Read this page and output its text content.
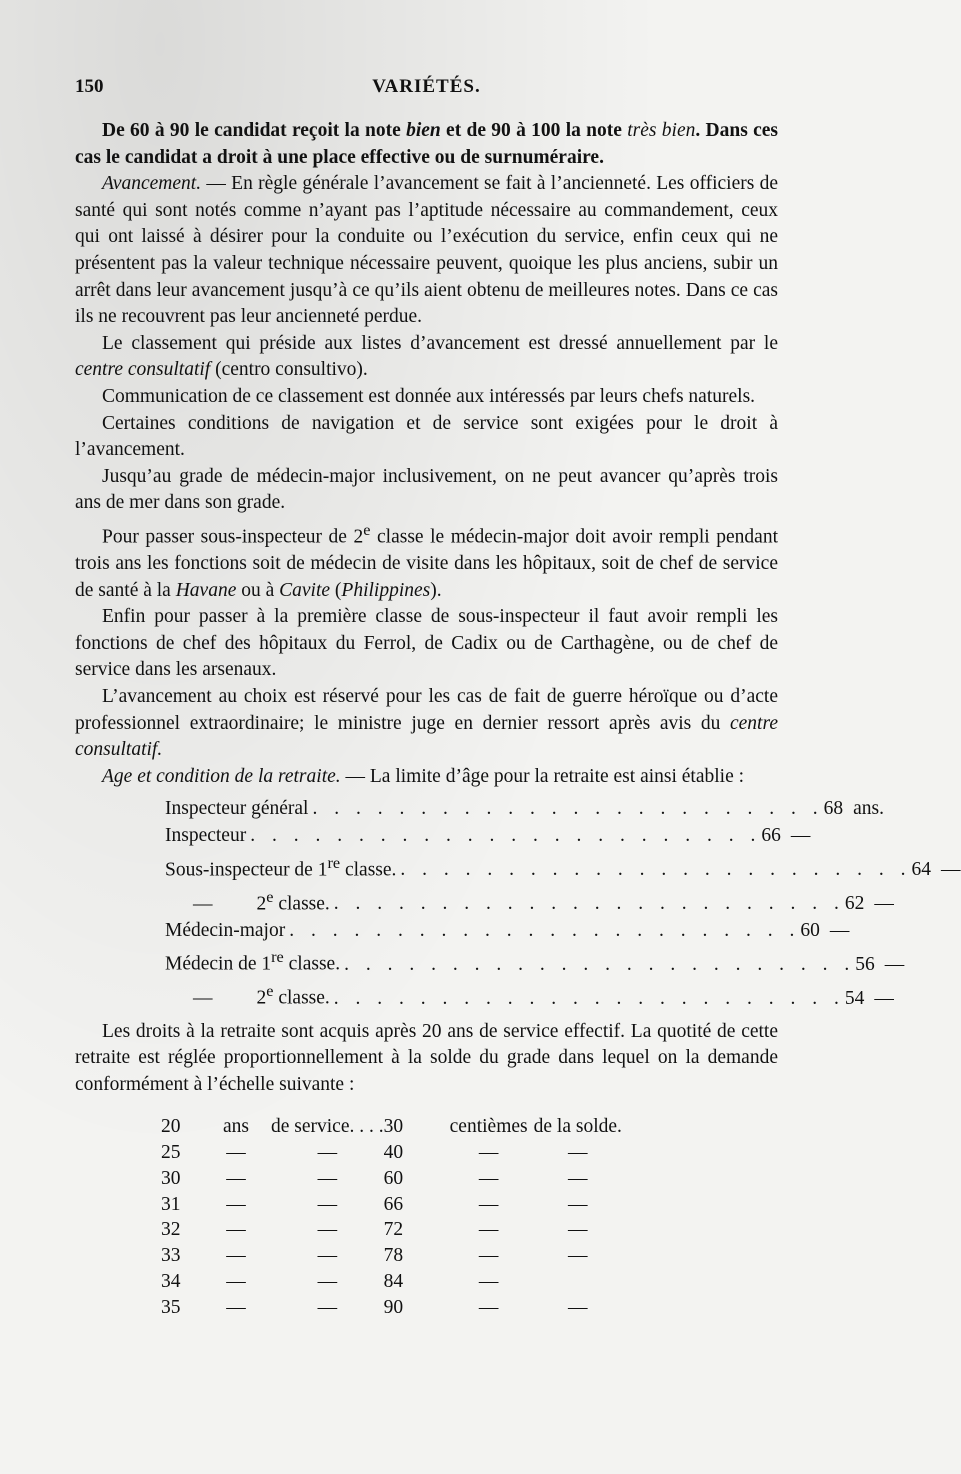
150	VARIÉTÉS.

De 60 à 90 le candidat reçoit la note bien et de 90 à 100 la note très bien. Dans ces cas le candidat a droit à une place effective ou de surnuméraire.

Avancement. — En règle générale l’avancement se fait à l’ancienneté. Les officiers de santé qui sont notés comme n’ayant pas l’aptitude nécessaire au commandement, ceux qui ont laissé à désirer pour la conduite ou l’exécution du service, enfin ceux qui ne présentent pas la valeur technique nécessaire peuvent, quoique les plus anciens, subir un arrêt dans leur avancement jusqu’à ce qu’ils aient obtenu de meilleures notes. Dans ce cas ils ne recouvrent pas leur ancienneté perdue.

Le classement qui préside aux listes d’avancement est dressé annuellement par le centre consultatif (centro consultivo).

Communication de ce classement est donnée aux intéressés par leurs chefs naturels.

Certaines conditions de navigation et de service sont exigées pour le droit à l’avancement.

Jusqu’au grade de médecin-major inclusivement, on ne peut avancer qu’après trois ans de mer dans son grade.

Pour passer sous-inspecteur de 2e classe le médecin-major doit avoir rempli pendant trois ans les fonctions soit de médecin de visite dans les hôpitaux, soit de chef de service de santé à la Havane ou à Cavite (Philippines).

Enfin pour passer à la première classe de sous-inspecteur il faut avoir rempli les fonctions de chef des hôpitaux du Ferrol, de Cadix ou de Carthagène, ou de chef de service dans les arsenaux.

L’avancement au choix est réservé pour les cas de fait de guerre héroïque ou d’acte professionnel extraordinaire; le ministre juge en dernier ressort après avis du centre consultatif.

Age et condition de la retraite. — La limite d’âge pour la retraite est ainsi établie :

Inspecteur général . . . . . . . . . . . . . . . . . . . . . . . . 68 ans.
Inspecteur . . . . . . . . . . . . . . . . . . . . . . . . 66 —
Sous-inspecteur de 1re classe. . . . . . . . . . . . . . . . . . . . . . . . . 64 —
— 2e classe. . . . . . . . . . . . . . . . . . . . . . . . . 62 —
Médecin-major . . . . . . . . . . . . . . . . . . . . . . . . 60 —
Médecin de 1re classe. . . . . . . . . . . . . . . . . . . . . . . . . 56 —
— 2e classe. . . . . . . . . . . . . . . . . . . . . . . . . 54 —

Les droits à la retraite sont acquis après 20 ans de service effectif. La quotité de cette retraite est réglée proportionnellement à la solde du grade dans lequel on la demande conformément à l’échelle suivante :

20	ans	de service. . . .	30	centièmes	de la solde.
25	—	—	40	—	—
30	—	—	60	—	—
31	—	—	66	—	—
32	—	—	72	—	—
33	—	—	78	—	—
34	—	—	84	—	
35	—	—	90	—	—
